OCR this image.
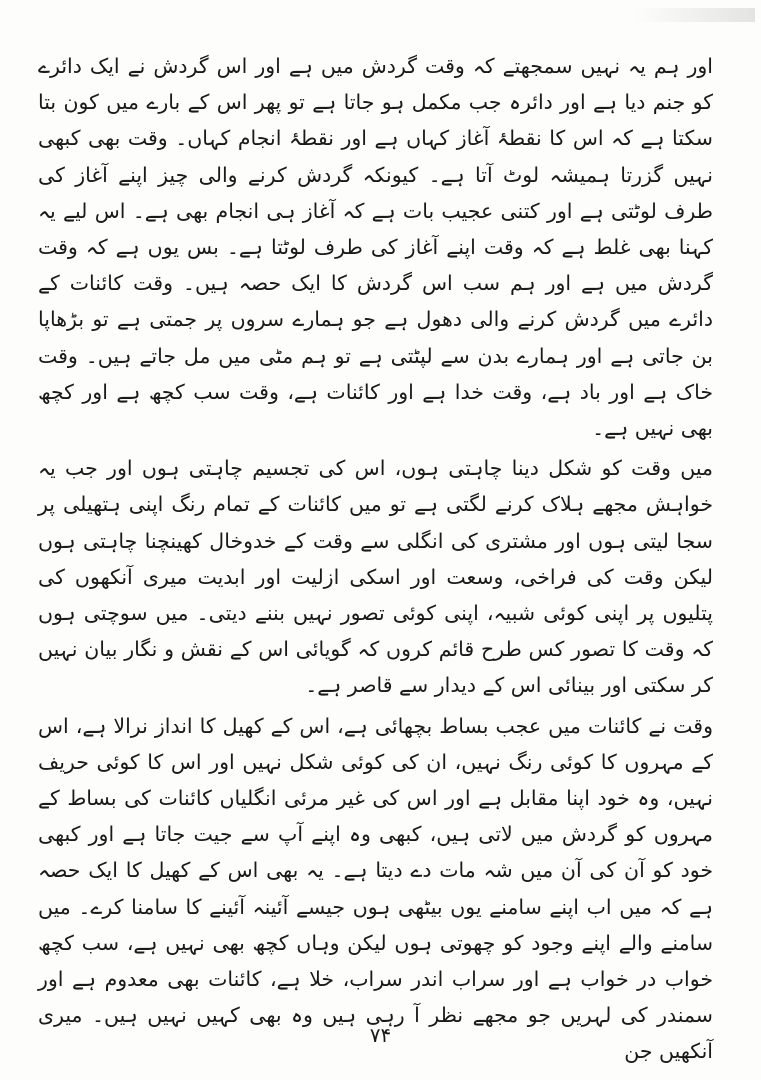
اور ہم یہ نہیں سمجھتے کہ وقت گردش میں ہے اور اس گردش نے ایک دائرے کو جنم دیا ہے اور دائرہ جب مکمل ہو جاتا ہے تو پھر اس کے بارے میں کون بتا سکتا ہے کہ اس کا نقطۂ آغاز کہاں ہے اور نقطۂ انجام کہاں۔ وقت بھی کبھی نہیں گزرتا ہمیشہ لوٹ آتا ہے۔ کیونکہ گردش کرنے والی چیز اپنے آغاز کی طرف لوٹتی ہے اور کتنی عجیب بات ہے کہ آغاز ہی انجام بھی ہے۔ اس لیے یہ کہنا بھی غلط ہے کہ وقت اپنے آغاز کی طرف لوٹتا ہے۔ بس یوں ہے کہ وقت گردش میں ہے اور ہم سب اس گردش کا ایک حصہ ہیں۔ وقت کائنات کے دائرے میں گردش کرنے والی دھول ہے جو ہمارے سروں پر جمتی ہے تو بڑھاپا بن جاتی ہے اور ہمارے بدن سے لپٹتی ہے تو ہم مٹی میں مل جاتے ہیں۔ وقت خاک ہے اور باد ہے، وقت خدا ہے اور کائنات ہے، وقت سب کچھ ہے اور کچھ بھی نہیں ہے۔

میں وقت کو شکل دینا چاہتی ہوں، اس کی تجسیم چاہتی ہوں اور جب یہ خواہش مجھے ہلاک کرنے لگتی ہے تو میں کائنات کے تمام رنگ اپنی ہتھیلی پر سجا لیتی ہوں اور مشتری کی انگلی سے وقت کے خدوخال کھینچنا چاہتی ہوں لیکن وقت کی فراخی، وسعت اور اسکی ازلیت اور ابدیت میری آنکھوں کی پتلیوں پر اپنی کوئی شبیہ، اپنی کوئی تصور نہیں بننے دیتی۔ میں سوچتی ہوں کہ وقت کا تصور کس طرح قائم کروں کہ گویائی اس کے نقش و نگار بیان نہیں کر سکتی اور بینائی اس کے دیدار سے قاصر ہے۔

وقت نے کائنات میں عجب بساط بچھائی ہے، اس کے کھیل کا انداز نرالا ہے، اس کے مہروں کا کوئی رنگ نہیں، ان کی کوئی شکل نہیں اور اس کا کوئی حریف نہیں، وہ خود اپنا مقابل ہے اور اس کی غیر مرئی انگلیاں کائنات کی بساط کے مہروں کو گردش میں لاتی ہیں، کبھی وہ اپنے آپ سے جیت جاتا ہے اور کبھی خود کو آن کی آن میں شہ مات دے دیتا ہے۔ یہ بھی اس کے کھیل کا ایک حصہ ہے کہ میں اب اپنے سامنے یوں بیٹھی ہوں جیسے آئینہ آئینے کا سامنا کرے۔ میں سامنے والے اپنے وجود کو چھوتی ہوں لیکن وہاں کچھ بھی نہیں ہے، سب کچھ خواب در خواب ہے اور سراب اندر سراب، خلا ہے، کائنات بھی معدوم ہے اور سمندر کی لہریں جو مجھے نظر آ رہی ہیں وہ بھی کہیں نہیں ہیں۔ میری آنکھیں جن

۷۴
